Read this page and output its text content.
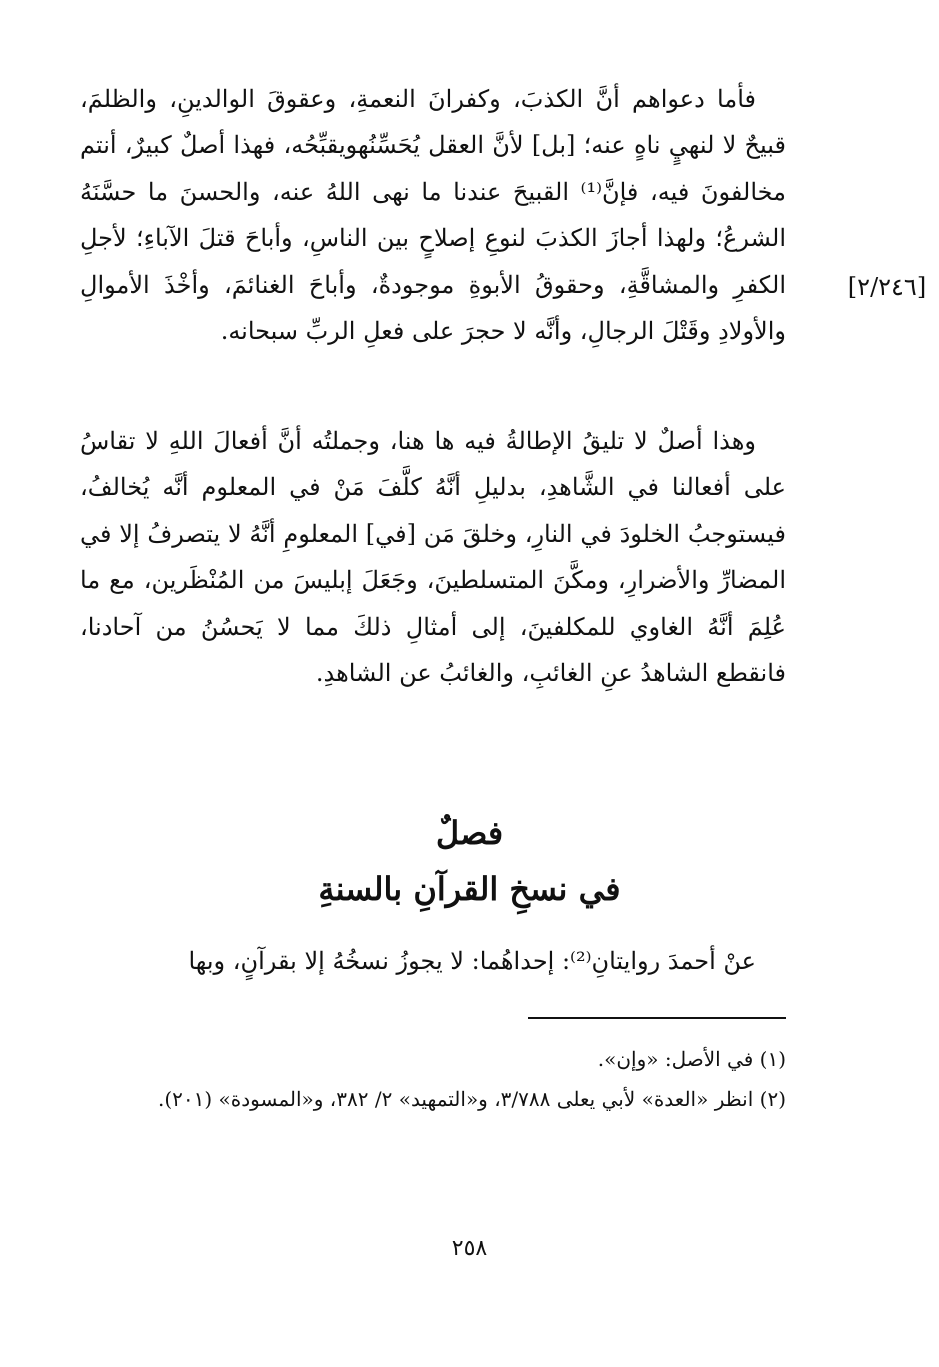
[٢/٢٤٦]

فأما دعواهم أنَّ الكذبَ، وكفرانَ النعمةِ، وعقوقَ الوالدينِ، والظلمَ، قبيحٌ لا لنهيٍ ناهٍ عنه؛ [بل] لأنَّ العقل يُحَسِّنُهويقبِّحُه، فهذا أصلٌ كبيرٌ، أنتم مخالفونَ فيه، فإنَّ⁽¹⁾ القبيحَ عندنا ما نهى اللهُ عنه، والحسنَ ما حسَّنَهُ الشرعُ؛ ولهذا أجازَ الكذبَ لنوعِ إصلاحٍ بين الناسِ، وأباحَ قتلَ الآباءِ؛ لأجلِ الكفرِ والمشاقَّةِ، وحقوقُ الأبوةِ موجودةٌ، وأباحَ الغنائمَ، وأخْذَ الأموالِ والأولادِ وقَتْلَ الرجالِ، وأنَّه لا حجرَ على فعلِ الربِّ سبحانه.

وهذا أصلٌ لا تليقُ الإطالةُ فيه ها هنا، وجملتُه أنَّ أفعالَ اللهِ لا تقاسُ على أفعالنا في الشَّاهدِ، بدليلِ أنَّهُ كلَّفَ مَنْ في المعلوم أنَّه يُخالفُ، فيستوجبُ الخلودَ في النارِ، وخلقَ مَن [في] المعلومِ أنَّهُ لا يتصرفُ إلا في المضارِّ والأضرارِ، ومكَّنَ المتسلطينَ، وجَعَلَ إبليسَ من المُنْظَرين، مع ما عُلِمَ أنَّهُ الغاوي للمكلفينَ، إلى أمثالِ ذلكَ مما لا يَحسُنُ من آحادنا، فانقطع الشاهدُ عنِ الغائبِ، والغائبُ عن الشاهدِ.

فصلٌ
في نسخِ القرآنِ بالسنةِ

عنْ أحمدَ روايتانِ⁽²⁾: إحداهُما: لا يجوزُ نسخُهُ إلا بقرآنٍ، وبها

(١) في الأصل: «وإن».

(٢) انظر «العدة» لأبي يعلى ٣/٧٨٨، و«التمهيد» ٢/ ٣٨٢، و«المسودة» (٢٠١).

٢٥٨
